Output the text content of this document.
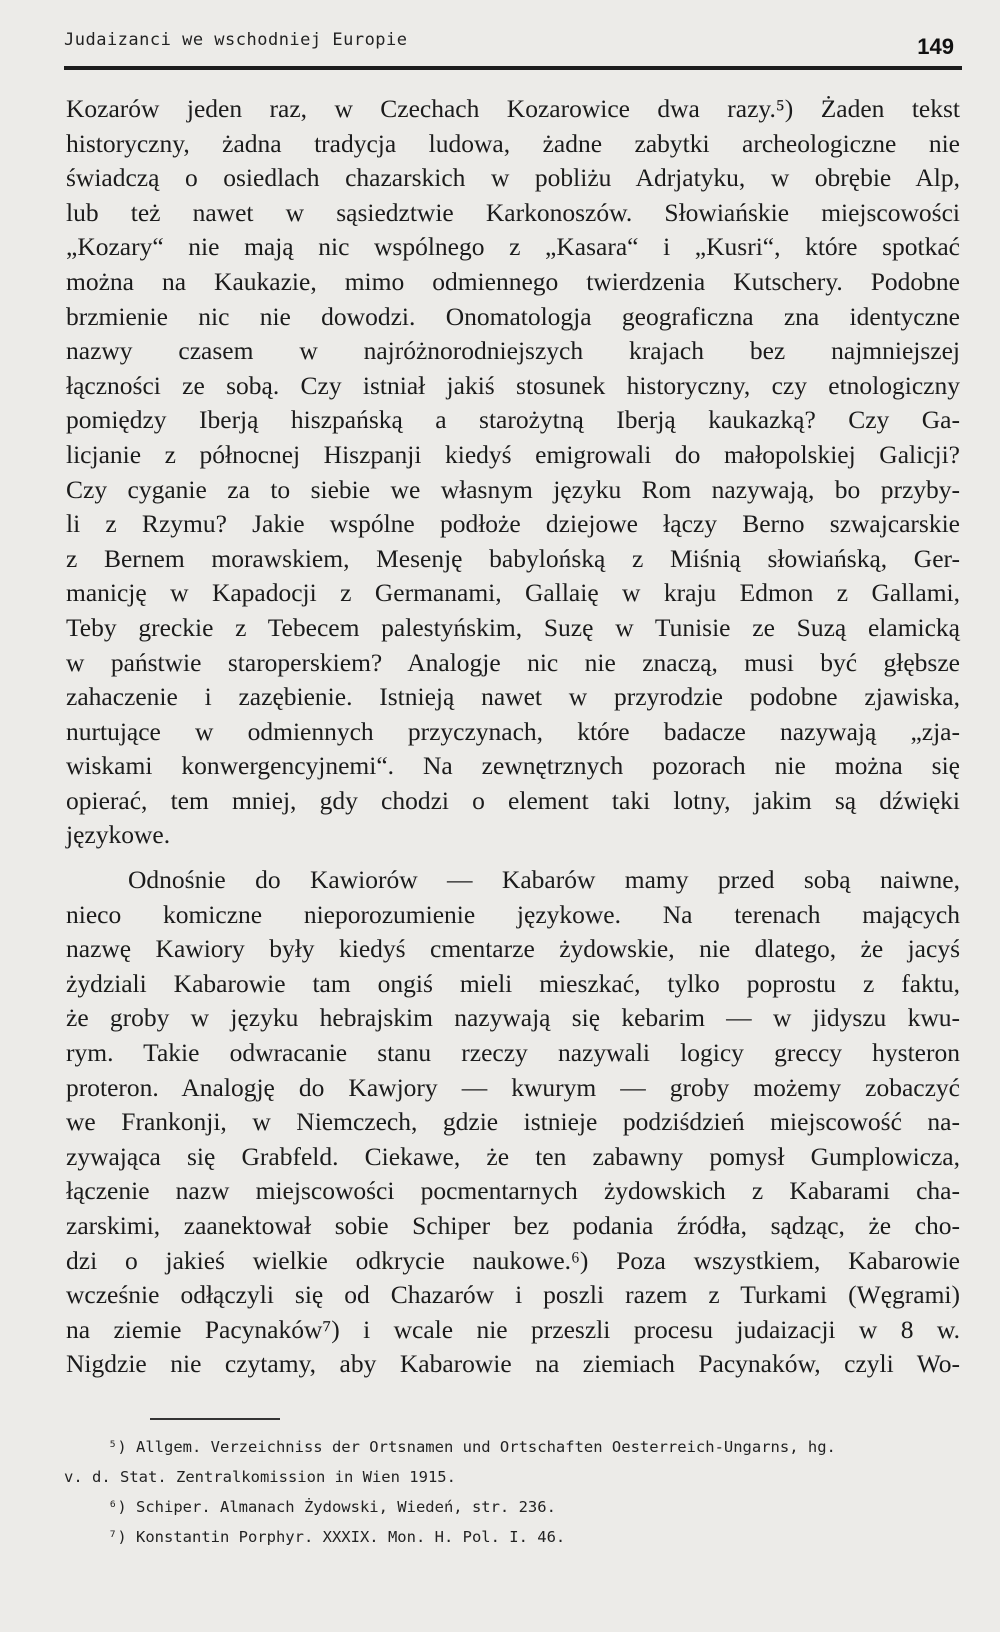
Judaizanci we wschodniej Europie	149
Kozarów jeden raz, w Czechach Kozarowice dwa razy.⁵) Żaden tekst
historyczny, żadna tradycja ludowa, żadne zabytki archeologiczne nie
świadczą o osiedlach chazarskich w pobliżu Adrjatyku, w obrębie Alp,
lub też nawet w sąsiedztwie Karkonoszów. Słowiańskie miejscowości
„Kozary“ nie mają nic wspólnego z „Kasara“ i „Kusri“, które spotkać
można na Kaukazie, mimo odmiennego twierdzenia Kutschery. Podobne
brzmienie nic nie dowodzi. Onomatologja geograficzna zna identyczne
nazwy czasem w najróżnorodniejszych krajach bez najmniejszej
łączności ze sobą. Czy istniał jakiś stosunek historyczny, czy etnologiczny
pomiędzy Iberją hiszpańską a starożytną Iberją kaukazką? Czy Ga-
licjanie z północnej Hiszpanji kiedyś emigrowali do małopolskiej Galicji?
Czy cyganie za to siebie we własnym języku Rom nazywają, bo przyby-
li z Rzymu? Jakie wspólne podłoże dziejowe łączy Berno szwajcarskie
z Bernem morawskiem, Mesenję babylońską z Miśnią słowiańską, Ger-
manicję w Kapadocji z Germanami, Gallaię w kraju Edmon z Gallami,
Teby greckie z Tebecem palestyńskim, Suzę w Tunisie ze Suzą elamicką
w państwie staroperskiem? Analogje nic nie znaczą, musi być głębsze
zahaczenie i zazębienie. Istnieją nawet w przyrodzie podobne zjawiska,
nurtujące w odmiennych przyczynach, które badacze nazywają „zja-
wiskami konwergencyjnemi“. Na zewnętrznych pozorach nie można się
opierać, tem mniej, gdy chodzi o element taki lotny, jakim są dźwięki
językowe.
Odnośnie do Kawiorów — Kabarów mamy przed sobą naiwne,
nieco komiczne nieporozumienie językowe. Na terenach mających
nazwę Kawiory były kiedyś cmentarze żydowskie, nie dlatego, że jacyś
żydziali Kabarowie tam ongiś mieli mieszkać, tylko poprostu z faktu,
że groby w języku hebrajskim nazywają się kebarim — w jidyszu kwu-
rym. Takie odwracanie stanu rzeczy nazywali logicy greccy hysteron
proteron. Analogję do Kawjory — kwurym — groby możemy zobaczyć
we Frankonji, w Niemczech, gdzie istnieje podziśdzień miejscowość na-
zywająca się Grabfeld. Ciekawe, że ten zabawny pomysł Gumplowicza,
łączenie nazw miejscowości pocmentarnych żydowskich z Kabarami cha-
zarskimi, zaanektował sobie Schiper bez podania źródła, sądząc, że cho-
dzi o jakieś wielkie odkrycie naukowe.⁶) Poza wszystkiem, Kabarowie
wcześnie odłączyli się od Chazarów i poszli razem z Turkami (Węgrami)
na ziemie Pacynaków⁷) i wcale nie przeszli procesu judaizacji w 8 w.
Nigdzie nie czytamy, aby Kabarowie na ziemiach Pacynaków, czyli Wo-
⁵) Allgem. Verzeichniss der Ortsnamen und Ortschaften Oesterreich-Ungarns, hg.
v. d. Stat. Zentralkomission in Wien 1915.
⁶) Schiper. Almanach Żydowski, Wiedeń, str. 236.
⁷) Konstantin Porphyr. XXXIX. Mon. H. Pol. I. 46.
